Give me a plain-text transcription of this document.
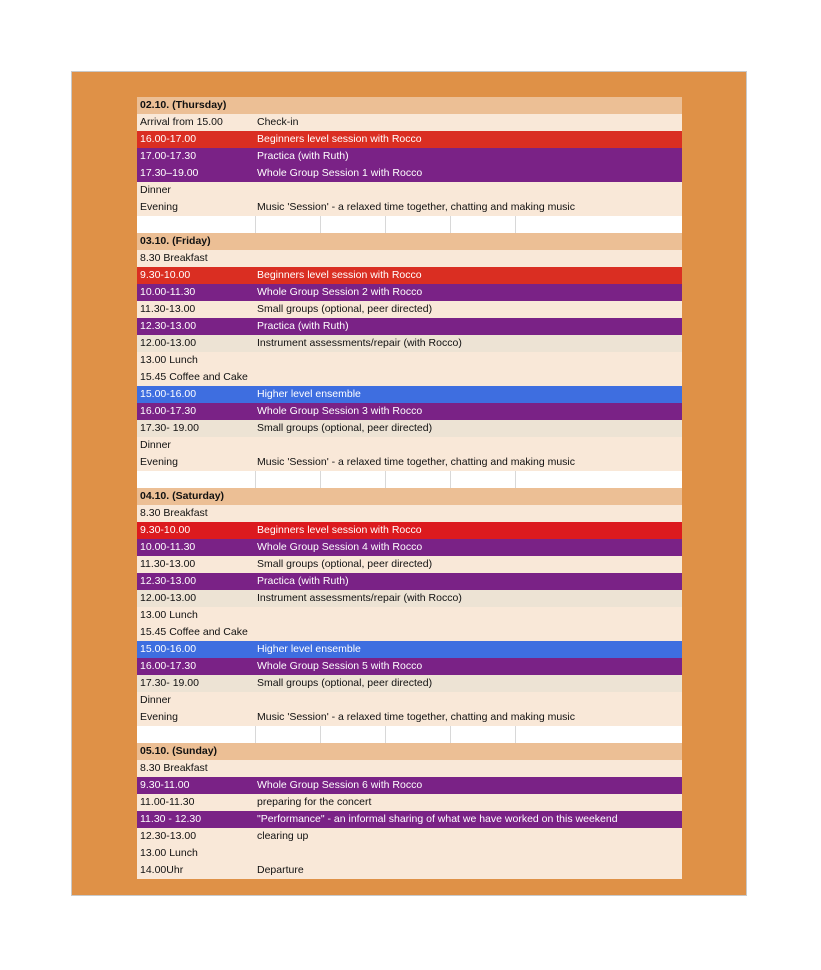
02.10. (Thursday)
Arrival from 15.00	Check-in
16.00-17.00	Beginners level session with Rocco
17.00-17.30	Practica (with Ruth)
17.30–19.00	Whole Group Session 1 with Rocco
Dinner
Evening	Music 'Session' - a relaxed time together, chatting and making music
03.10. (Friday)
8.30 Breakfast
9.30-10.00	Beginners level session with Rocco
10.00-11.30	Whole Group Session 2 with Rocco
11.30-13.00	Small groups (optional, peer directed)
12.30-13.00	Practica (with Ruth)
12.00-13.00	Instrument assessments/repair (with Rocco)
13.00 Lunch
15.45 Coffee and Cake
15.00-16.00	Higher level ensemble
16.00-17.30	Whole Group Session 3 with Rocco
17.30- 19.00	Small groups (optional, peer directed)
Dinner
Evening	Music 'Session' - a relaxed time together, chatting and making music
04.10. (Saturday)
8.30 Breakfast
9.30-10.00	Beginners level session with Rocco
10.00-11.30	Whole Group Session 4 with Rocco
11.30-13.00	Small groups (optional, peer directed)
12.30-13.00	Practica (with Ruth)
12.00-13.00	Instrument assessments/repair (with Rocco)
13.00 Lunch
15.45 Coffee and Cake
15.00-16.00	Higher level ensemble
16.00-17.30	Whole Group Session 5 with Rocco
17.30- 19.00	Small groups (optional, peer directed)
Dinner
Evening	Music 'Session' - a relaxed time together, chatting and making music
05.10. (Sunday)
8.30 Breakfast
9.30-11.00	Whole Group Session 6 with Rocco
11.00-11.30	preparing for the concert
11.30 - 12.30	"Performance" - an informal sharing of what we have worked on this weekend
12.30-13.00	clearing up
13.00 Lunch
14.00Uhr	Departure
